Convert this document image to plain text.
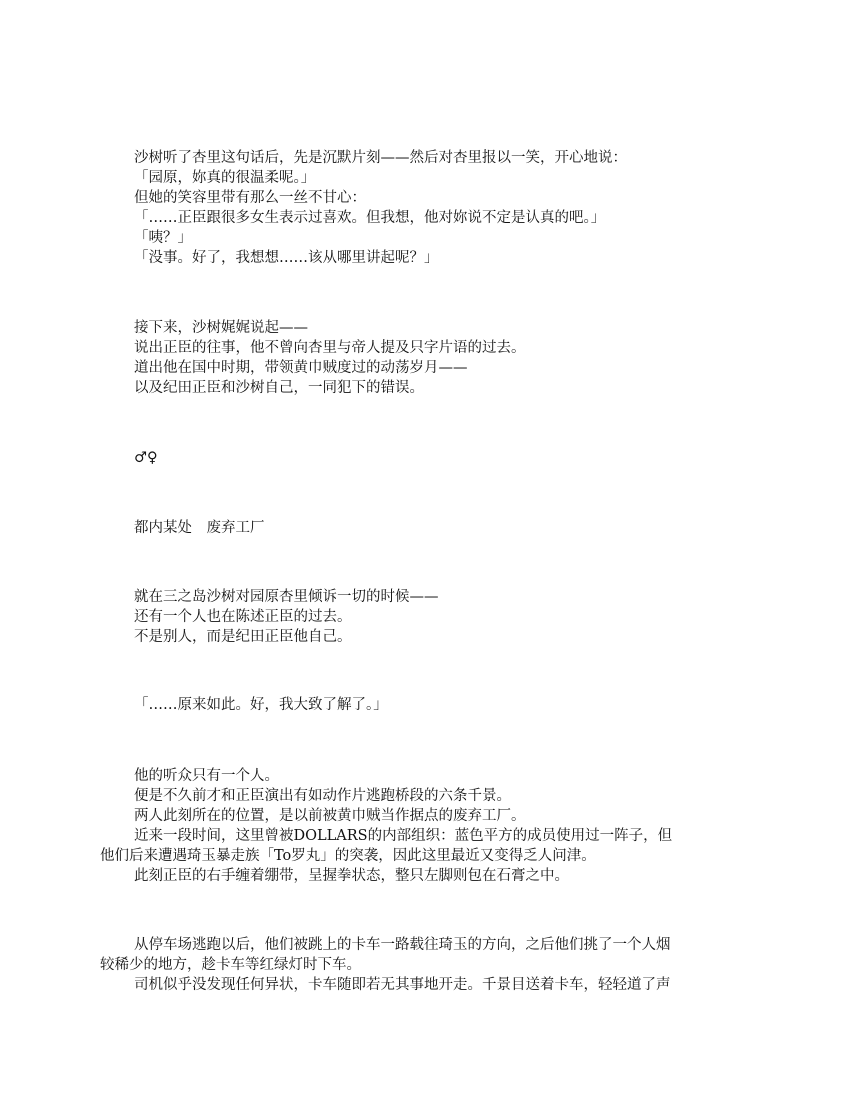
沙树听了杏里这句话后，先是沉默片刻——然后对杏里报以一笑，开心地说：
「园原，妳真的很温柔呢。」
但她的笑容里带有那么一丝不甘心：
「……正臣跟很多女生表示过喜欢。但我想，他对妳说不定是认真的吧。」
「咦？」
「没事。好了，我想想……该从哪里讲起呢？」
接下来，沙树娓娓说起——
说出正臣的往事，他不曾向杏里与帝人提及只字片语的过去。
道出他在国中时期，带领黄巾贼度过的动荡岁月——
以及纪田正臣和沙树自己，一同犯下的错误。
♂♀
都内某处　废弃工厂
就在三之岛沙树对园原杏里倾诉一切的时候——
还有一个人也在陈述正臣的过去。
不是别人，而是纪田正臣他自己。
「……原来如此。好，我大致了解了。」
他的听众只有一个人。
便是不久前才和正臣演出有如动作片逃跑桥段的六条千景。
两人此刻所在的位置，是以前被黄巾贼当作据点的废弃工厂。
近来一段时间，这里曾被DOLLARS的内部组织：蓝色平方的成员使用过一阵子，但
他们后来遭遇琦玉暴走族「To罗丸」的突袭，因此这里最近又变得乏人问津。
此刻正臣的右手缠着绷带，呈握拳状态，整只左脚则包在石膏之中。
从停车场逃跑以后，他们被跳上的卡车一路载往琦玉的方向，之后他们挑了一个人烟
较稀少的地方，趁卡车等红绿灯时下车。
司机似乎没发现任何异状，卡车随即若无其事地开走。千景目送着卡车，轻轻道了声
